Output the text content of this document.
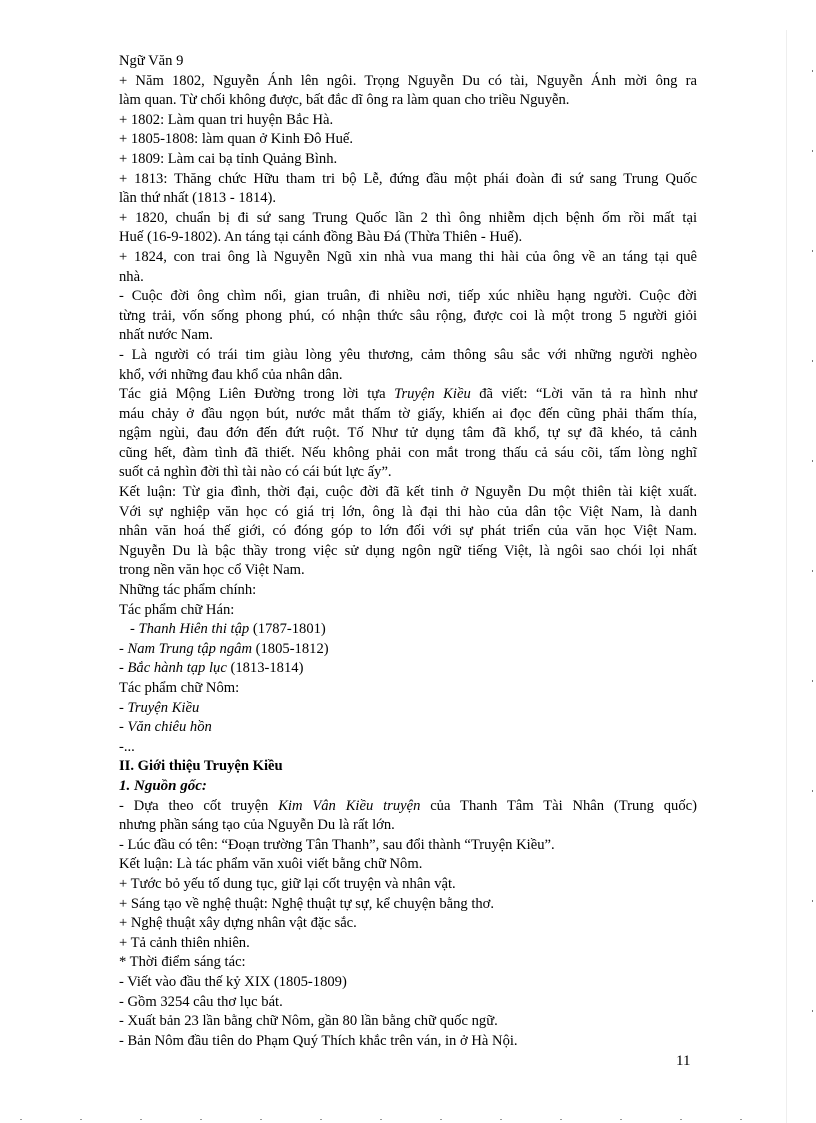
Ngữ Văn 9

+ Năm 1802, Nguyễn Ánh lên ngôi. Trọng Nguyễn Du có tài, Nguyễn Ánh mời ông ra

làm quan. Từ chối không được, bất đắc dĩ ông ra làm quan cho triều Nguyễn.

+ 1802: Làm quan tri huyện Bắc Hà.

+ 1805-1808: làm quan ở Kinh Đô Huế.

+ 1809: Làm cai bạ tỉnh Quảng Bình.

+ 1813: Thăng chức Hữu tham tri bộ Lễ, đứng đầu một phái đoàn đi sứ sang Trung Quốc

lần thứ nhất (1813 - 1814).

+ 1820, chuẩn bị đi sứ sang Trung Quốc lần 2 thì ông nhiễm dịch bệnh ốm rồi mất tại

Huế (16-9-1802). An táng tại cánh đồng Bàu Đá (Thừa Thiên - Huế).

+ 1824, con trai ông là Nguyễn Ngũ xin nhà vua mang thi hài của ông về an táng tại quê

nhà.

- Cuộc đời ông chìm nổi, gian truân, đi nhiều nơi, tiếp xúc nhiều hạng người. Cuộc đời

từng trải, vốn sống phong phú, có nhận thức sâu rộng, được coi là một trong 5 người giỏi

nhất nước Nam.

- Là người có trái tim giàu lòng yêu thương, cảm thông sâu sắc với những người nghèo

khổ, với những đau khổ của nhân dân.

Tác giả Mộng Liên Đường trong lời tựa Truyện Kiều đã viết: “Lời văn tả ra hình như

máu chảy ở đầu ngọn bút, nước mắt thấm tờ giấy, khiến ai đọc đến cũng phải thấm thía,

ngậm ngùi, đau đớn đến đứt ruột. Tố Như tử dụng tâm đã khổ, tự sự đã khéo, tả cảnh

cũng hết, đàm tình đã thiết. Nếu không phải con mắt trong thấu cả sáu cõi, tấm lòng nghĩ

suốt cả nghìn đời thì tài nào có cái bút lực ấy”.

Kết luận: Từ gia đình, thời đại, cuộc đời đã kết tinh ở Nguyễn Du một thiên tài kiệt xuất.

Với sự nghiệp văn học có giá trị lớn, ông là đại thi hào của dân tộc Việt Nam, là danh

nhân văn hoá thế giới, có đóng góp to lớn đối với sự phát triển của văn học Việt Nam.

Nguyễn Du là bậc thầy trong việc sử dụng ngôn ngữ tiếng Việt, là ngôi sao chói lọi nhất

trong nền văn học cổ Việt Nam.

Những tác phẩm chính:

Tác phẩm chữ Hán:

- Thanh Hiên thi tập (1787-1801)

- Nam Trung tập ngâm (1805-1812)

- Bắc hành tạp lục (1813-1814)

Tác phẩm chữ Nôm:

- Truyện Kiều

- Văn chiêu hồn

-...

II. Giới thiệu Truyện Kiều

1. Nguồn gốc:

- Dựa theo cốt truyện Kim Vân Kiều truyện của Thanh Tâm Tài Nhân (Trung quốc)

nhưng phần sáng tạo của Nguyễn Du là rất lớn.

- Lúc đầu có tên: “Đoạn trường Tân Thanh”, sau đổi thành “Truyện Kiều”.

Kết luận: Là tác phẩm văn xuôi viết bằng chữ Nôm.

+ Tước bỏ yếu tố dung tục, giữ lại cốt truyện và nhân vật.

+ Sáng tạo về nghệ thuật: Nghệ thuật tự sự, kể chuyện bằng thơ.

+ Nghệ thuật xây dựng nhân vật đặc sắc.

+ Tả cảnh thiên nhiên.

* Thời điểm sáng tác:

- Viết vào đầu thế kỷ XIX (1805-1809)

- Gồm 3254 câu thơ lục bát.

- Xuất bản 23 lần bằng chữ Nôm, gần 80 lần bằng chữ quốc ngữ.

- Bản Nôm đầu tiên do Phạm Quý Thích khắc trên ván, in ở Hà Nội.

11
